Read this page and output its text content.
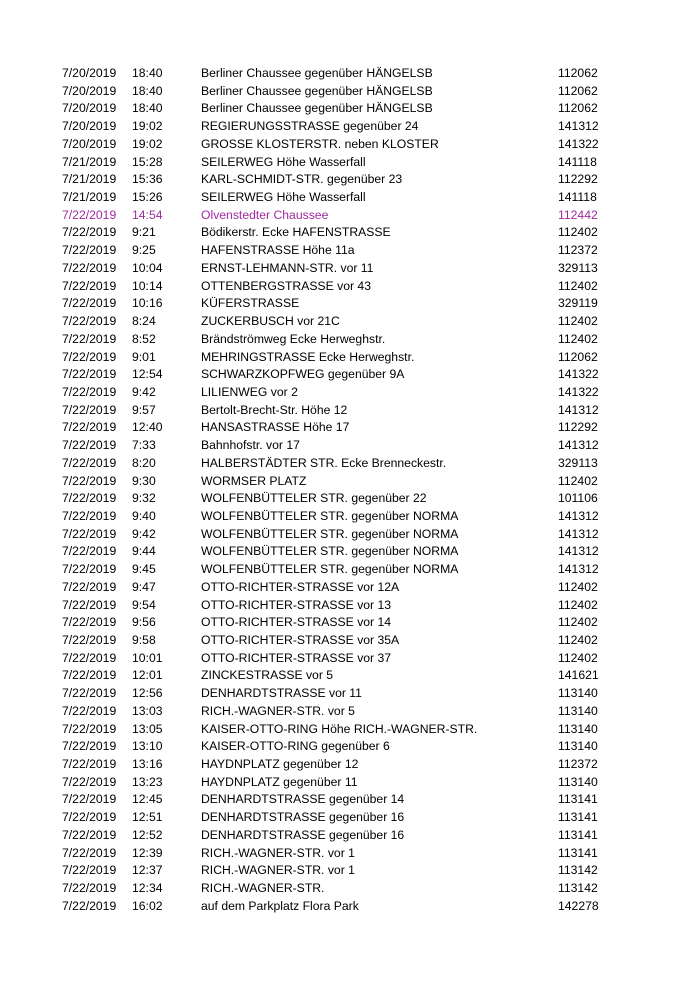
7/20/2019 18:40	Berliner Chaussee gegenüber HÄNGELSB	112062
7/20/2019 18:40	Berliner Chaussee gegenüber HÄNGELSB	112062
7/20/2019 18:40	Berliner Chaussee gegenüber HÄNGELSB	112062
7/20/2019 19:02	REGIERUNGSSTRASSE gegenüber 24	141312
7/20/2019 19:02	GROSSE KLOSTERSTR. neben KLOSTER	141322
7/21/2019 15:28	SEILERWEG Höhe Wasserfall	141118
7/21/2019 15:36	KARL-SCHMIDT-STR. gegenüber 23	112292
7/21/2019 15:26	SEILERWEG Höhe Wasserfall	141118
7/22/2019 14:54	Olvenstedter Chaussee	112442
7/22/2019 9:21	Bödikerstr. Ecke HAFENSTRASSE	112402
7/22/2019 9:25	HAFENSTRASSE Höhe 11a	112372
7/22/2019 10:04	ERNST-LEHMANN-STR. vor 11	329113
7/22/2019 10:14	OTTENBERGSTRASSE vor 43	112402
7/22/2019 10:16	KÜFERSTRASSE	329119
7/22/2019 8:24	ZUCKERBUSCH vor 21C	112402
7/22/2019 8:52	Brändströmweg Ecke Herweghstr.	112402
7/22/2019 9:01	MEHRINGSTRASSE Ecke Herweghstr.	112062
7/22/2019 12:54	SCHWARZKOPFWEG gegenüber 9A	141322
7/22/2019 9:42	LILIENWEG vor 2	141322
7/22/2019 9:57	Bertolt-Brecht-Str. Höhe 12	141312
7/22/2019 12:40	HANSASTRASSE Höhe 17	112292
7/22/2019 7:33	Bahnhofstr. vor 17	141312
7/22/2019 8:20	HALBERSTÄDTER STR. Ecke Brenneckestr.	329113
7/22/2019 9:30	WORMSER PLATZ	112402
7/22/2019 9:32	WOLFENBÜTTELER STR. gegenüber 22	101106
7/22/2019 9:40	WOLFENBÜTTELER STR. gegenüber NORMA	141312
7/22/2019 9:42	WOLFENBÜTTELER STR. gegenüber NORMA	141312
7/22/2019 9:44	WOLFENBÜTTELER STR. gegenüber NORMA	141312
7/22/2019 9:45	WOLFENBÜTTELER STR. gegenüber NORMA	141312
7/22/2019 9:47	OTTO-RICHTER-STRASSE vor 12A	112402
7/22/2019 9:54	OTTO-RICHTER-STRASSE vor 13	112402
7/22/2019 9:56	OTTO-RICHTER-STRASSE vor 14	112402
7/22/2019 9:58	OTTO-RICHTER-STRASSE vor 35A	112402
7/22/2019 10:01	OTTO-RICHTER-STRASSE vor 37	112402
7/22/2019 12:01	ZINCKESTRASSE vor 5	141621
7/22/2019 12:56	DENHARDTSTRASSE vor 11	113140
7/22/2019 13:03	RICH.-WAGNER-STR. vor 5	113140
7/22/2019 13:05	KAISER-OTTO-RING Höhe RICH.-WAGNER-STR.	113140
7/22/2019 13:10	KAISER-OTTO-RING gegenüber 6	113140
7/22/2019 13:16	HAYDNPLATZ gegenüber 12	112372
7/22/2019 13:23	HAYDNPLATZ gegenüber 11	113140
7/22/2019 12:45	DENHARDTSTRASSE gegenüber 14	113141
7/22/2019 12:51	DENHARDTSTRASSE gegenüber 16	113141
7/22/2019 12:52	DENHARDTSTRASSE gegenüber 16	113141
7/22/2019 12:39	RICH.-WAGNER-STR. vor 1	113141
7/22/2019 12:37	RICH.-WAGNER-STR. vor 1	113142
7/22/2019 12:34	RICH.-WAGNER-STR.	113142
7/22/2019 16:02	auf dem Parkplatz Flora Park	142278
